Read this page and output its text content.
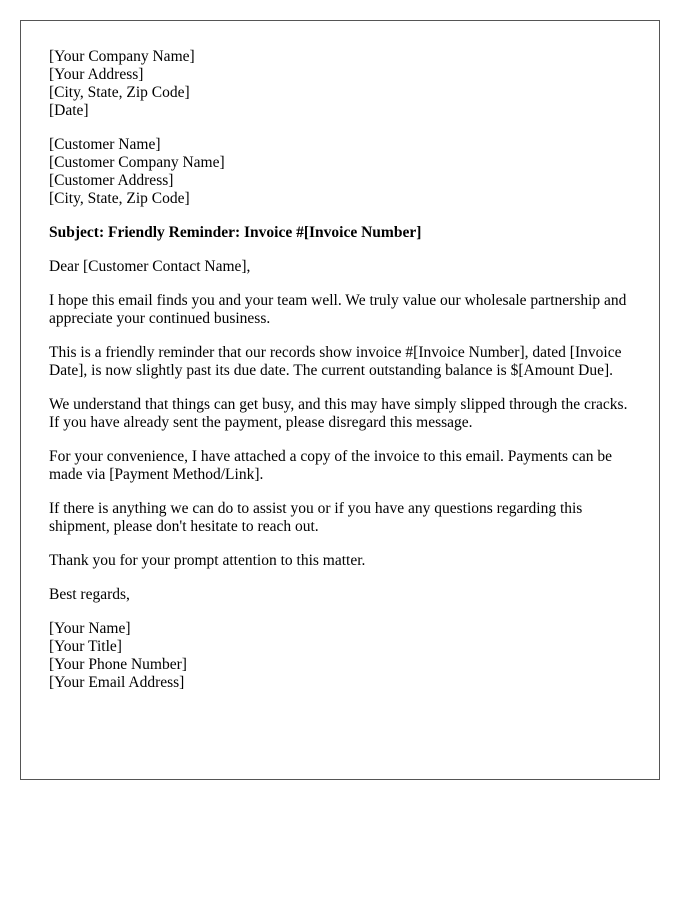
[Your Company Name]
[Your Address]
[City, State, Zip Code]
[Date]
[Customer Name]
[Customer Company Name]
[Customer Address]
[City, State, Zip Code]

Subject: Friendly Reminder: Invoice #[Invoice Number]

Dear [Customer Contact Name],

I hope this email finds you and your team well. We truly value our wholesale partnership and appreciate your continued business.

This is a friendly reminder that our records show invoice #[Invoice Number], dated [Invoice Date], is now slightly past its due date. The current outstanding balance is $[Amount Due].

We understand that things can get busy, and this may have simply slipped through the cracks. If you have already sent the payment, please disregard this message.

For your convenience, I have attached a copy of the invoice to this email. Payments can be made via [Payment Method/Link].

If there is anything we can do to assist you or if you have any questions regarding this shipment, please don't hesitate to reach out.

Thank you for your prompt attention to this matter.

Best regards,

[Your Name]
[Your Title]
[Your Phone Number]
[Your Email Address]
